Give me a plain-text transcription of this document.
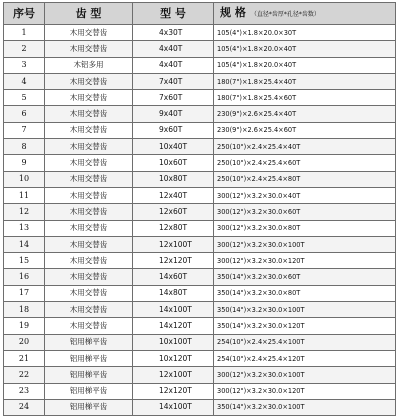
序号	齿 型	型 号	规 格 （直径*齿厚*孔径*齿数）
1	木用交替齿	4x30T	105(4")×1.8×20.0×30T
2	木用交替齿	4x40T	105(4")×1.8×20.0×40T
3	木铝多用	4x40T	105(4")×1.8×20.0×40T
4	木用交替齿	7x40T	180(7")×1.8×25.4×40T
5	木用交替齿	7x60T	180(7")×1.8×25.4×60T
6	木用交替齿	9x40T	230(9")×2.6×25.4×40T
7	木用交替齿	9x60T	230(9")×2.6×25.4×60T
8	木用交替齿	10x40T	250(10")×2.4×25.4×40T
9	木用交替齿	10x60T	250(10")×2.4×25.4×60T
10	木用交替齿	10x80T	250(10")×2.4×25.4×80T
11	木用交替齿	12x40T	300(12")×3.2×30.0×40T
12	木用交替齿	12x60T	300(12")×3.2×30.0×60T
13	木用交替齿	12x80T	300(12")×3.2×30.0×80T
14	木用交替齿	12x100T	300(12")×3.2×30.0×100T
15	木用交替齿	12x120T	300(12")×3.2×30.0×120T
16	木用交替齿	14x60T	350(14")×3.2×30.0×60T
17	木用交替齿	14x80T	350(14")×3.2×30.0×80T
18	木用交替齿	14x100T	350(14")×3.2×30.0×100T
19	木用交替齿	14x120T	350(14")×3.2×30.0×120T
20	铝用梯平齿	10x100T	254(10")×2.4×25.4×100T
21	铝用梯平齿	10x120T	254(10")×2.4×25.4×120T
22	铝用梯平齿	12x100T	300(12")×3.2×30.0×100T
23	铝用梯平齿	12x120T	300(12")×3.2×30.0×120T
24	铝用梯平齿	14x100T	350(14")×3.2×30.0×100T
